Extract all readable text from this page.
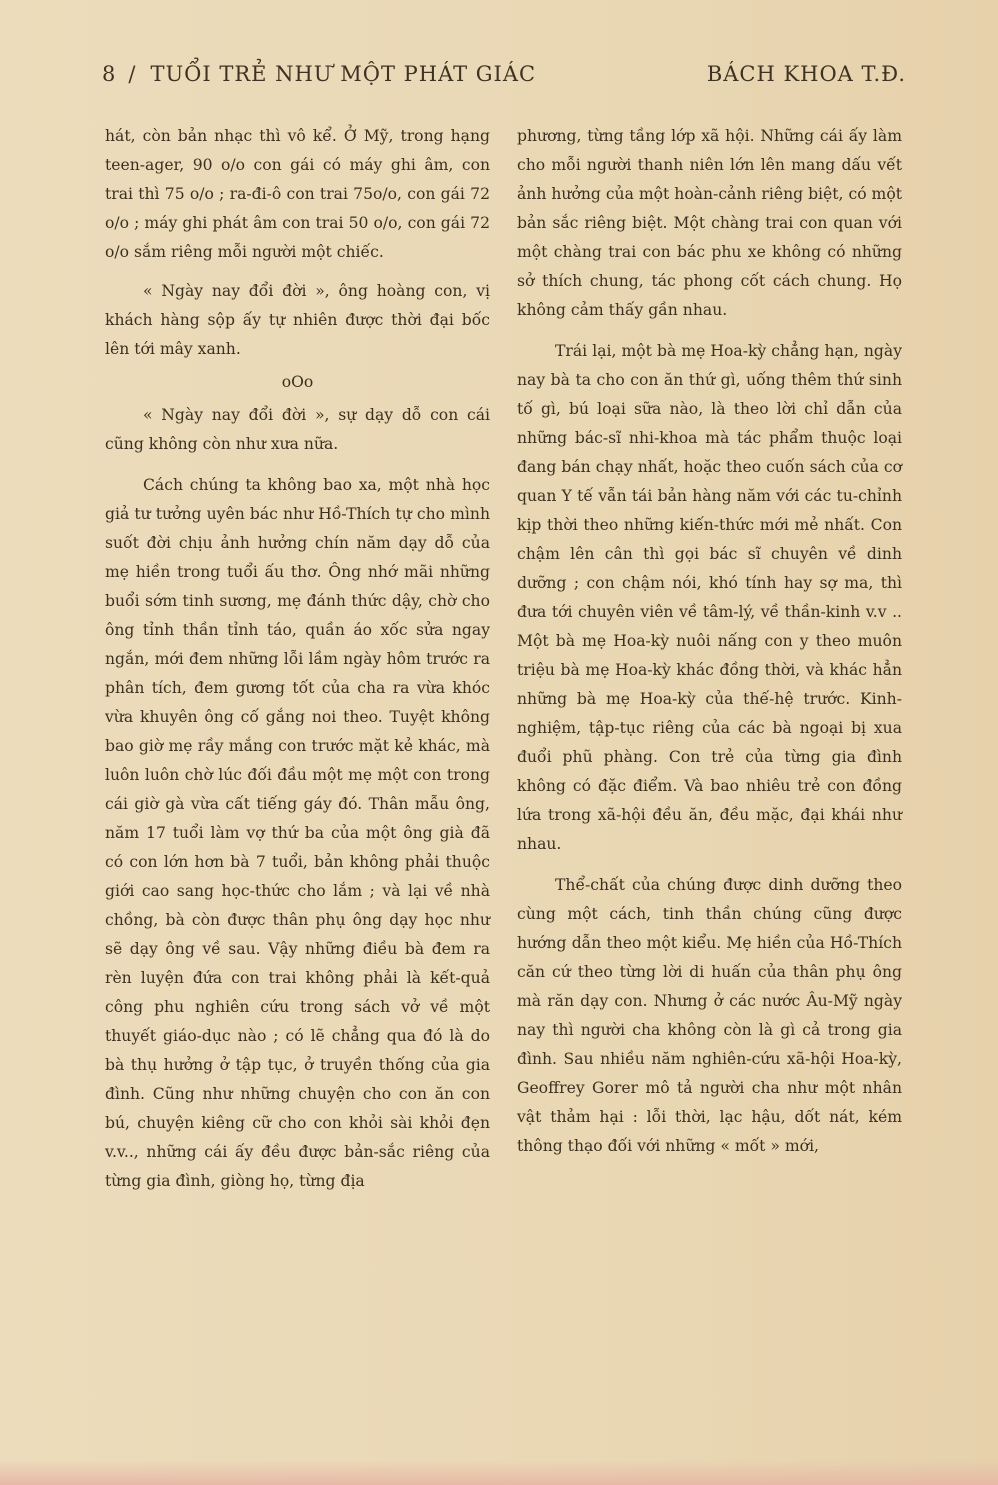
8 / TUỔI TRẺ NHƯ MỘT PHÁT GIÁC	BÁCH KHOA T.Đ.

hát, còn bản nhạc thì vô kể. Ở Mỹ, trong hạng teen-ager, 90 o/o con gái có máy ghi âm, con trai thì 75 o/o ; ra-đi-ô con trai 75o/o, con gái 72 o/o ; máy ghi phát âm con trai 50 o/o, con gái 72 o/o sắm riêng mỗi người một chiếc.

« Ngày nay đổi đời », ông hoàng con, vị khách hàng sộp ấy tự nhiên được thời đại bốc lên tới mây xanh.

oOo

« Ngày nay đổi đời », sự dạy dỗ con cái cũng không còn như xưa nữa.

Cách chúng ta không bao xa, một nhà học giả tư tưởng uyên bác như Hồ-Thích tự cho mình suốt đời chịu ảnh hưởng chín năm dạy dỗ của mẹ hiền trong tuổi ấu thơ. Ông nhớ mãi những buổi sớm tinh sương, mẹ đánh thức dậy, chờ cho ông tỉnh thần tỉnh táo, quần áo xốc sửa ngay ngắn, mới đem những lỗi lầm ngày hôm trước ra phân tích, đem gương tốt của cha ra vừa khóc vừa khuyên ông cố gắng noi theo. Tuyệt không bao giờ mẹ rầy mắng con trước mặt kẻ khác, mà luôn luôn chờ lúc đối đầu một mẹ một con trong cái giờ gà vừa cất tiếng gáy đó. Thân mẫu ông, năm 17 tuổi làm vợ thứ ba của một ông già đã có con lớn hơn bà 7 tuổi, bản không phải thuộc giới cao sang học-thức cho lắm ; và lại về nhà chồng, bà còn được thân phụ ông dạy học như sẽ dạy ông về sau. Vậy những điều bà đem ra rèn luyện đứa con trai không phải là kết-quả công phu nghiên cứu trong sách vở về một thuyết giáo-dục nào ; có lẽ chẳng qua đó là do bà thụ hưởng ở tập tục, ở truyền thống của gia đình. Cũng như những chuyện cho con ăn con bú, chuyện kiêng cữ cho con khỏi sài khỏi đẹn v.v.., những cái ấy đều được bản-sắc riêng của từng gia đình, giòng họ, từng địa

phương, từng tầng lớp xã hội. Những cái ấy làm cho mỗi người thanh niên lớn lên mang dấu vết ảnh hưởng của một hoàn-cảnh riêng biệt, có một bản sắc riêng biệt. Một chàng trai con quan với một chàng trai con bác phu xe không có những sở thích chung, tác phong cốt cách chung. Họ không cảm thấy gần nhau.

Trái lại, một bà mẹ Hoa-kỳ chẳng hạn, ngày nay bà ta cho con ăn thứ gì, uống thêm thứ sinh tố gì, bú loại sữa nào, là theo lời chỉ dẫn của những bác-sĩ nhi-khoa mà tác phẩm thuộc loại đang bán chạy nhất, hoặc theo cuốn sách của cơ quan Y tế vẫn tái bản hàng năm với các tu-chỉnh kịp thời theo những kiến-thức mới mẻ nhất. Con chậm lên cân thì gọi bác sĩ chuyên về dinh dưỡng ; con chậm nói, khó tính hay sợ ma, thì đưa tới chuyên viên về tâm-lý, về thần-kinh v.v .. Một bà mẹ Hoa-kỳ nuôi nấng con y theo muôn triệu bà mẹ Hoa-kỳ khác đồng thời, và khác hẳn những bà mẹ Hoa-kỳ của thế-hệ trước. Kinh-nghiệm, tập-tục riêng của các bà ngoại bị xua đuổi phũ phàng. Con trẻ của từng gia đình không có đặc điểm. Và bao nhiêu trẻ con đồng lứa trong xã-hội đều ăn, đều mặc, đại khái như nhau.

Thể-chất của chúng được dinh dưỡng theo cùng một cách, tinh thần chúng cũng được hướng dẫn theo một kiểu. Mẹ hiền của Hồ-Thích căn cứ theo từng lời di huấn của thân phụ ông mà răn dạy con. Nhưng ở các nước Âu-Mỹ ngày nay thì người cha không còn là gì cả trong gia đình. Sau nhiều năm nghiên-cứu xã-hội Hoa-kỳ, Geoffrey Gorer mô tả người cha như một nhân vật thảm hại : lỗi thời, lạc hậu, dốt nát, kém thông thạo đối với những « mốt » mới,
